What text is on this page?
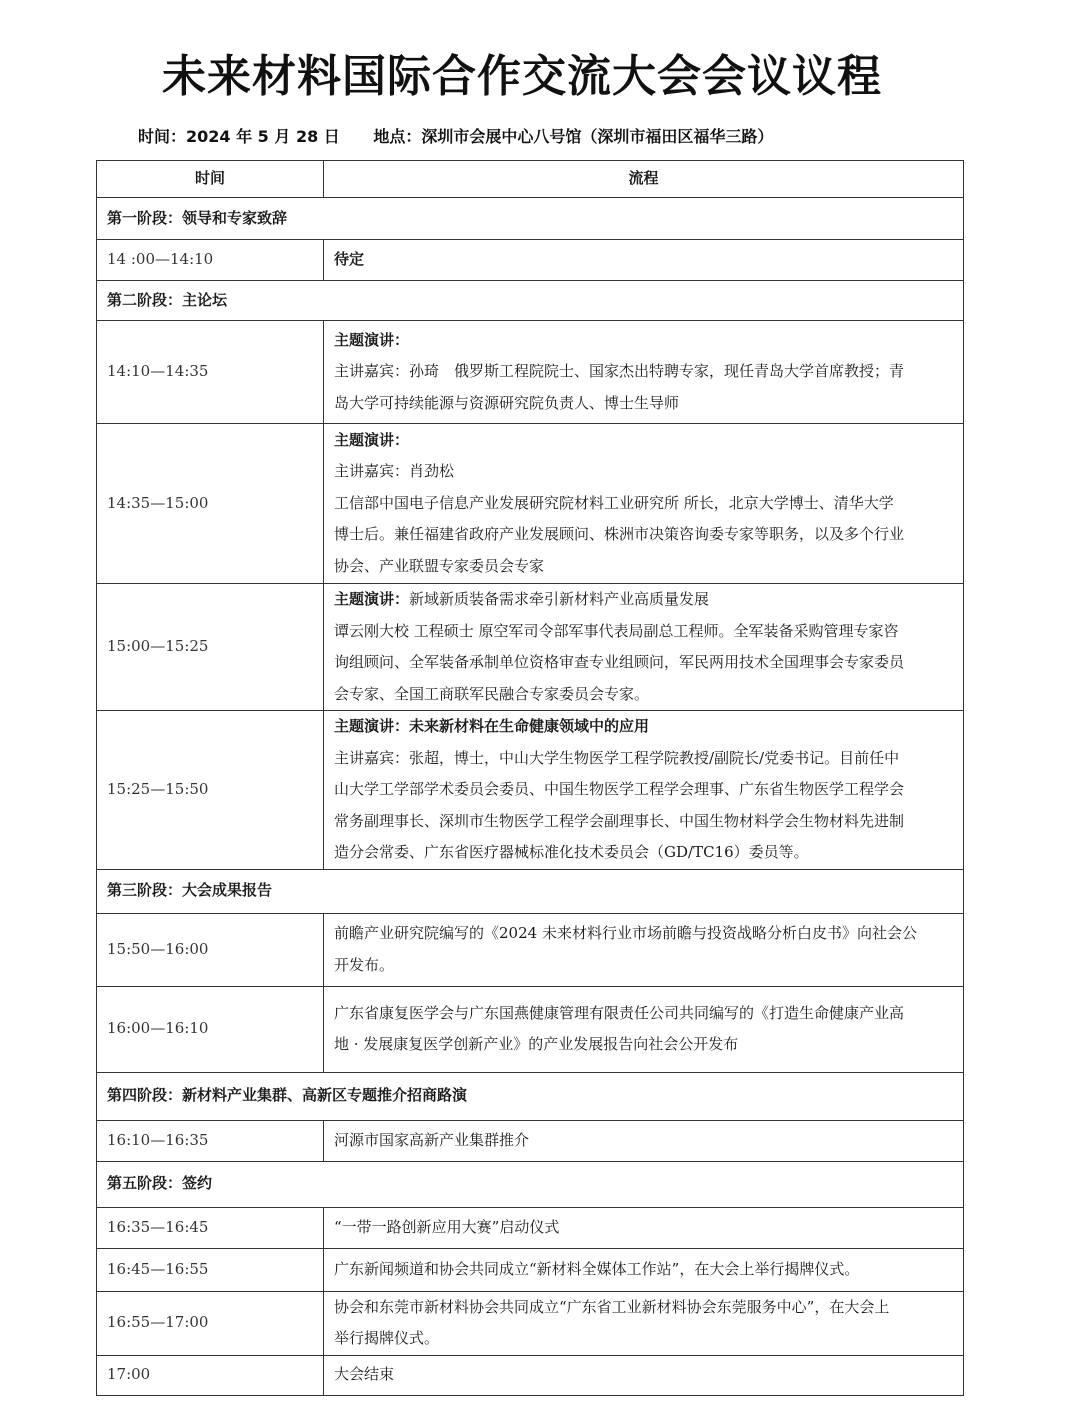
未来材料国际合作交流大会会议议程
时间：2024 年 5 月 28 日 地点：深圳市会展中心八号馆（深圳市福田区福华三路）
时间	流程
第一阶段：领导和专家致辞	
14 :00—14:10	待定

第二阶段：主论坛	
14:10—14:35	主题演讲：

主讲嘉宾：孙琦　俄罗斯工程院院士、国家杰出特聘专家，现任青岛大学首席教授；青

岛大学可持续能源与资源研究院负责人、博士生导师

14:35—15:00	主题演讲：

主讲嘉宾：肖劲松

工信部中国电子信息产业发展研究院材料工业研究所 所长，北京大学博士、清华大学

博士后。兼任福建省政府产业发展顾问、株洲市决策咨询委专家等职务，以及多个行业

协会、产业联盟专家委员会专家

15:00—15:25	主题演讲：新域新质装备需求牵引新材料产业高质量发展

谭云刚大校 工程硕士 原空军司令部军事代表局副总工程师。全军装备采购管理专家咨

询组顾问、全军装备承制单位资格审查专业组顾问，军民两用技术全国理事会专家委员

会专家、全国工商联军民融合专家委员会专家。

15:25—15:50	主题演讲：未来新材料在生命健康领域中的应用

主讲嘉宾：张超，博士，中山大学生物医学工程学院教授/副院长/党委书记。目前任中

山大学工学部学术委员会委员、中国生物医学工程学会理事、广东省生物医学工程学会

常务副理事长、深圳市生物医学工程学会副理事长、中国生物材料学会生物材料先进制

造分会常委、广东省医疗器械标准化技术委员会（GD/TC16）委员等。

第三阶段：大会成果报告	
15:50—16:00	前瞻产业研究院编写的《2024 未来材料行业市场前瞻与投资战略分析白皮书》向社会公

开发布。

16:00—16:10	广东省康复医学会与广东国燕健康管理有限责任公司共同编写的《打造生命健康产业高

地 · 发展康复医学创新产业》的产业发展报告向社会公开发布

第四阶段：新材料产业集群、高新区专题推介招商路演	
16:10—16:35	河源市国家高新产业集群推介

第五阶段：签约	
16:35—16:45	“一带一路创新应用大赛”启动仪式

16:45—16:55	广东新闻频道和协会共同成立“新材料全媒体工作站”，在大会上举行揭牌仪式。

16:55—17:00	协会和东莞市新材料协会共同成立“广东省工业新材料协会东莞服务中心”，在大会上

举行揭牌仪式。

17:00	大会结束
